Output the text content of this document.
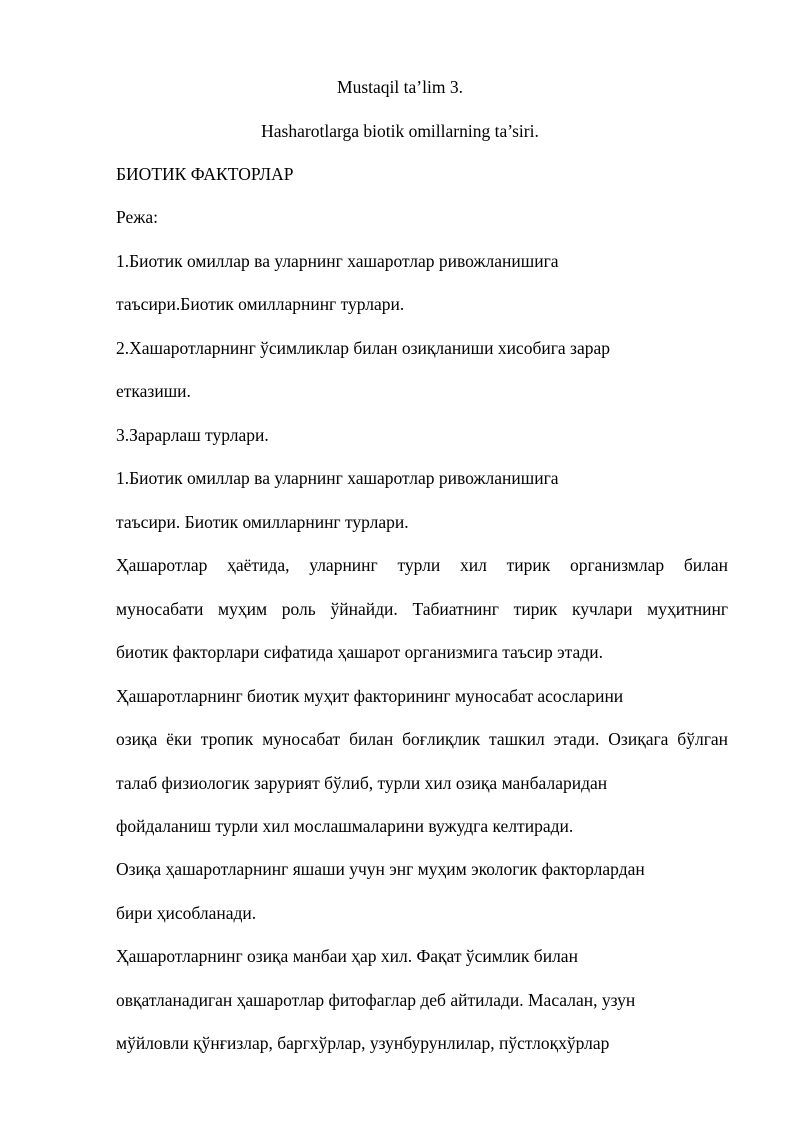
Mustaqil ta’lim 3.
Hasharotlarga biotik omillarning ta’siri.
БИОТИК ФАКТОРЛАР
Режа:
1.Биотик омиллар ва уларнинг хашаротлар ривожланишига
таъсири.Биотик омилларнинг турлари.
2.Хашаротларнинг ўсимликлар билан озиқланиши хисобига зарар
етказиши.
3.Зарарлаш турлари.
1.Биотик омиллар ва уларнинг хашаротлар ривожланишига
таъсири. Биотик омилларнинг турлари.
Ҳашаротлар ҳаётида, уларнинг турли хил тирик организмлар билан
муносабати муҳим роль ўйнайди. Табиатнинг тирик кучлари муҳитнинг
биотик факторлари сифатида ҳашарот организмига таъсир этади.
Ҳашаротларнинг биотик муҳит факторининг муносабат асосларини
озиқа ёки тропик муносабат билан боғлиқлик ташкил этади. Озиқага бўлган
талаб физиологик зарурият бўлиб, турли хил озиқа манбаларидан
фойдаланиш турли хил мослашмаларини вужудга келтиради.
Озиқа ҳашаротларнинг яшаши учун энг муҳим экологик факторлардан
бири ҳисобланади.
Ҳашаротларнинг озиқа манбаи ҳар хил. Фақат ўсимлик билан
овқатланадиган ҳашаротлар фитофаглар деб айтилади. Масалан, узун
мўйловли қўнғизлар, баргхўрлар, узунбурунлилар, пўстлоқхўрлар
